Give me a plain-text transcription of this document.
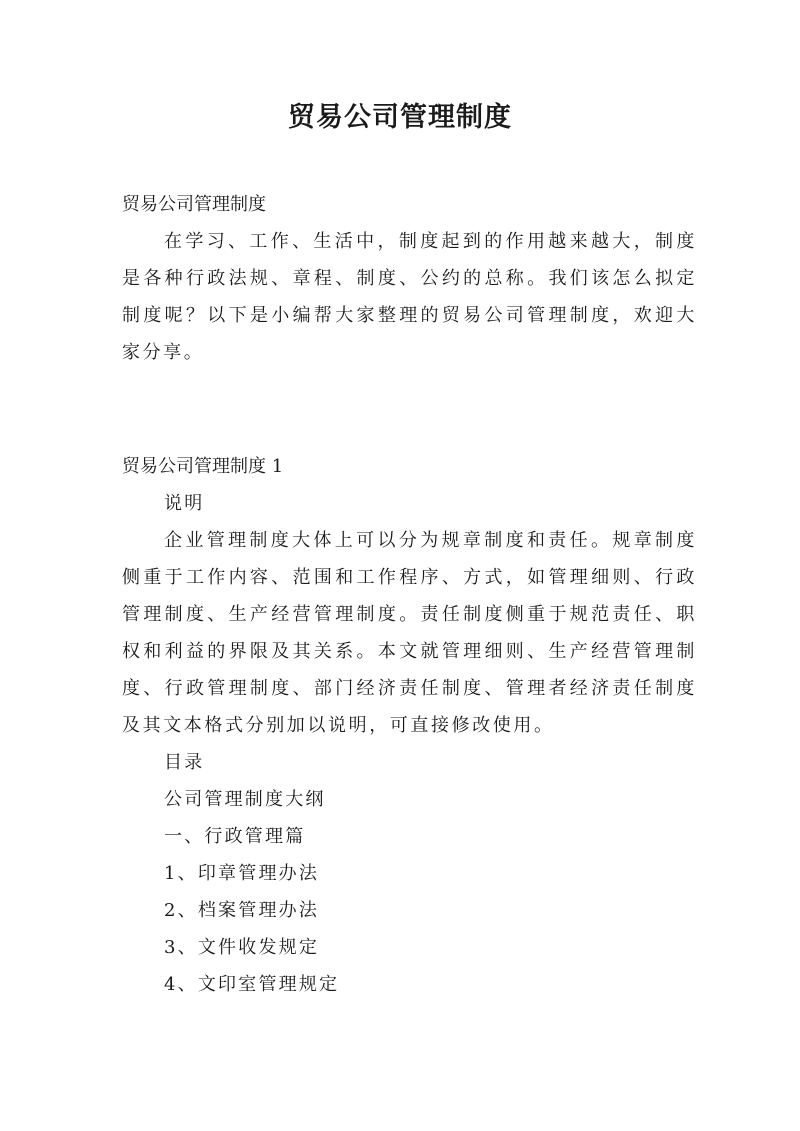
贸易公司管理制度

贸易公司管理制度

在学习、工作、生活中，制度起到的作用越来越大，制度是各种行政法规、章程、制度、公约的总称。我们该怎么拟定制度呢？以下是小编帮大家整理的贸易公司管理制度，欢迎大家分享。

贸易公司管理制度 1

说明

企业管理制度大体上可以分为规章制度和责任。规章制度侧重于工作内容、范围和工作程序、方式，如管理细则、行政管理制度、生产经营管理制度。责任制度侧重于规范责任、职权和利益的界限及其关系。本文就管理细则、生产经营管理制度、行政管理制度、部门经济责任制度、管理者经济责任制度及其文本格式分别加以说明，可直接修改使用。

目录

公司管理制度大纲

一、行政管理篇

1、印章管理办法

2、档案管理办法

3、文件收发规定

4、文印室管理规定
